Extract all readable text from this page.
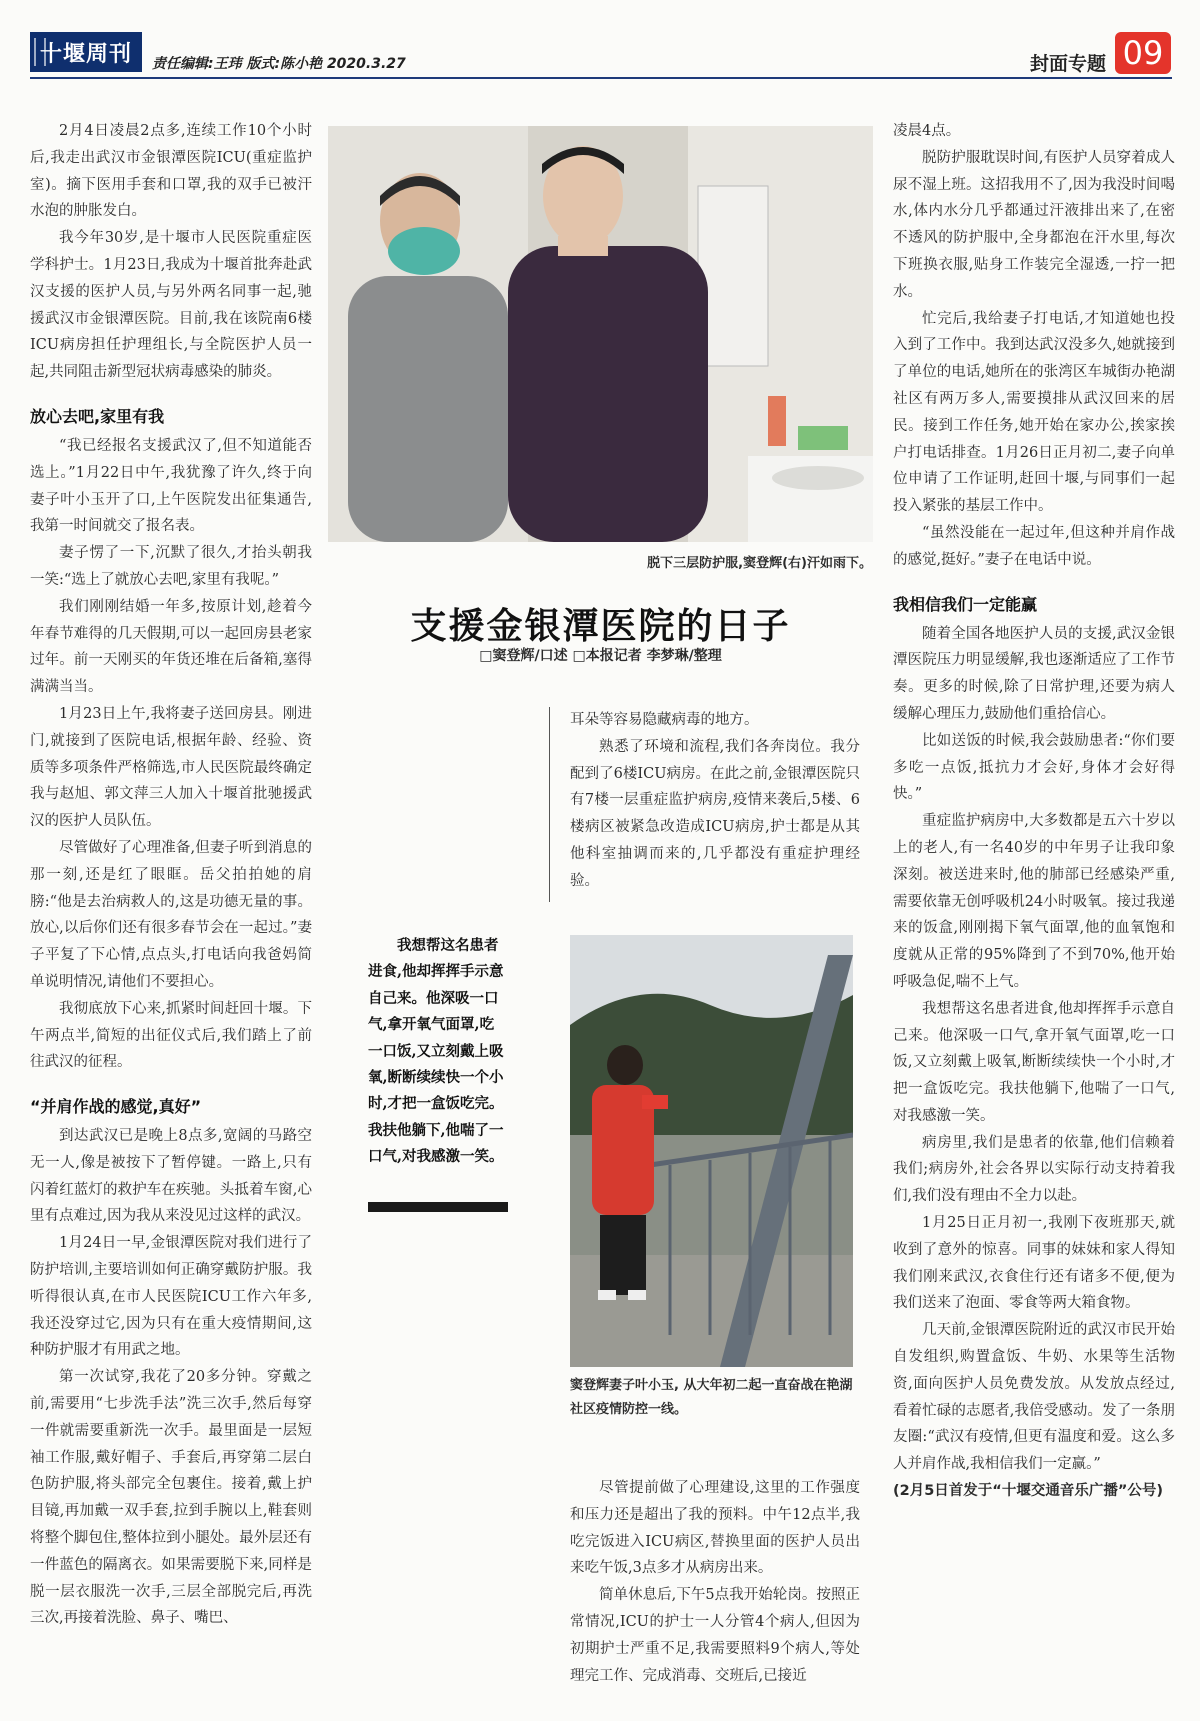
十堰周刊	责任编辑:王玮 版式:陈小艳 2020.3.27	封面专题 09

2月4日凌晨2点多,连续工作10个小时后,我走出武汉市金银潭医院ICU(重症监护室)。摘下医用手套和口罩,我的双手已被汗水泡的肿胀发白。

我今年30岁,是十堰市人民医院重症医学科护士。1月23日,我成为十堰首批奔赴武汉支援的医护人员,与另外两名同事一起,驰援武汉市金银潭医院。目前,我在该院南6楼ICU病房担任护理组长,与全院医护人员一起,共同阻击新型冠状病毒感染的肺炎。

放心去吧,家里有我

“我已经报名支援武汉了,但不知道能否选上。”1月22日中午,我犹豫了许久,终于向妻子叶小玉开了口,上午医院发出征集通告,我第一时间就交了报名表。

妻子愣了一下,沉默了很久,才抬头朝我一笑:“选上了就放心去吧,家里有我呢。”

我们刚刚结婚一年多,按原计划,趁着今年春节难得的几天假期,可以一起回房县老家过年。前一天刚买的年货还堆在后备箱,塞得满满当当。

1月23日上午,我将妻子送回房县。刚进门,就接到了医院电话,根据年龄、经验、资质等多项条件严格筛选,市人民医院最终确定我与赵旭、郭文萍三人加入十堰首批驰援武汉的医护人员队伍。

尽管做好了心理准备,但妻子听到消息的那一刻,还是红了眼眶。岳父拍拍她的肩膀:“他是去治病救人的,这是功德无量的事。放心,以后你们还有很多春节会在一起过。”妻子平复了下心情,点点头,打电话向我爸妈简单说明情况,请他们不要担心。

我彻底放下心来,抓紧时间赶回十堰。下午两点半,简短的出征仪式后,我们踏上了前往武汉的征程。

“并肩作战的感觉,真好”

到达武汉已是晚上8点多,宽阔的马路空无一人,像是被按下了暂停键。一路上,只有闪着红蓝灯的救护车在疾驰。头抵着车窗,心里有点难过,因为我从来没见过这样的武汉。

1月24日一早,金银潭医院对我们进行了防护培训,主要培训如何正确穿戴防护服。我听得很认真,在市人民医院ICU工作六年多,我还没穿过它,因为只有在重大疫情期间,这种防护服才有用武之地。

第一次试穿,我花了20多分钟。穿戴之前,需要用“七步洗手法”洗三次手,然后每穿一件就需要重新洗一次手。最里面是一层短袖工作服,戴好帽子、手套后,再穿第二层白色防护服,将头部完全包裹住。接着,戴上护目镜,再加戴一双手套,拉到手腕以上,鞋套则将整个脚包住,整体拉到小腿处。最外层还有一件蓝色的隔离衣。如果需要脱下来,同样是脱一层衣服洗一次手,三层全部脱完后,再洗三次,再接着洗脸、鼻子、嘴巴、

脱下三层防护服,窦登辉(右)汗如雨下。
支援金银潭医院的日子
□窦登辉/口述 □本报记者 李梦琳/整理

耳朵等容易隐藏病毒的地方。

熟悉了环境和流程,我们各奔岗位。我分配到了6楼ICU病房。在此之前,金银潭医院只有7楼一层重症监护病房,疫情来袭后,5楼、6楼病区被紧急改造成ICU病房,护士都是从其他科室抽调而来的,几乎都没有重症护理经验。

我想帮这名患者进食,他却挥挥手示意自己来。他深吸一口气,拿开氧气面罩,吃一口饭,又立刻戴上吸氧,断断续续快一个小时,才把一盒饭吃完。我扶他躺下,他喘了一口气,对我感激一笑。
窦登辉妻子叶小玉, 从大年初二起一直奋战在艳湖社区疫情防控一线。

尽管提前做了心理建设,这里的工作强度和压力还是超出了我的预料。中午12点半,我吃完饭进入ICU病区,替换里面的医护人员出来吃午饭,3点多才从病房出来。

简单休息后,下午5点我开始轮岗。按照正常情况,ICU的护士一人分管4个病人,但因为初期护士严重不足,我需要照料9个病人,等处理完工作、完成消毒、交班后,已接近

凌晨4点。

脱防护服耽误时间,有医护人员穿着成人尿不湿上班。这招我用不了,因为我没时间喝水,体内水分几乎都通过汗液排出来了,在密不透风的防护服中,全身都泡在汗水里,每次下班换衣服,贴身工作装完全湿透,一拧一把水。

忙完后,我给妻子打电话,才知道她也投入到了工作中。我到达武汉没多久,她就接到了单位的电话,她所在的张湾区车城街办艳湖社区有两万多人,需要摸排从武汉回来的居民。接到工作任务,她开始在家办公,挨家挨户打电话排查。1月26日正月初二,妻子向单位申请了工作证明,赶回十堰,与同事们一起投入紧张的基层工作中。

“虽然没能在一起过年,但这种并肩作战的感觉,挺好。”妻子在电话中说。

我相信我们一定能赢

随着全国各地医护人员的支援,武汉金银潭医院压力明显缓解,我也逐渐适应了工作节奏。更多的时候,除了日常护理,还要为病人缓解心理压力,鼓励他们重拾信心。

比如送饭的时候,我会鼓励患者:“你们要多吃一点饭,抵抗力才会好,身体才会好得快。”

重症监护病房中,大多数都是五六十岁以上的老人,有一名40岁的中年男子让我印象深刻。被送进来时,他的肺部已经感染严重,需要依靠无创呼吸机24小时吸氧。接过我递来的饭盒,刚刚揭下氧气面罩,他的血氧饱和度就从正常的95%降到了不到70%,他开始呼吸急促,喘不上气。

我想帮这名患者进食,他却挥挥手示意自己来。他深吸一口气,拿开氧气面罩,吃一口饭,又立刻戴上吸氧,断断续续快一个小时,才把一盒饭吃完。我扶他躺下,他喘了一口气,对我感激一笑。

病房里,我们是患者的依靠,他们信赖着我们;病房外,社会各界以实际行动支持着我们,我们没有理由不全力以赴。

1月25日正月初一,我刚下夜班那天,就收到了意外的惊喜。同事的妹妹和家人得知我们刚来武汉,衣食住行还有诸多不便,便为我们送来了泡面、零食等两大箱食物。

几天前,金银潭医院附近的武汉市民开始自发组织,购置盒饭、牛奶、水果等生活物资,面向医护人员免费发放。从发放点经过,看着忙碌的志愿者,我倍受感动。发了一条朋友圈:“武汉有疫情,但更有温度和爱。这么多人并肩作战,我相信我们一定赢。”

(2月5日首发于“十堰交通音乐广播”公号)
